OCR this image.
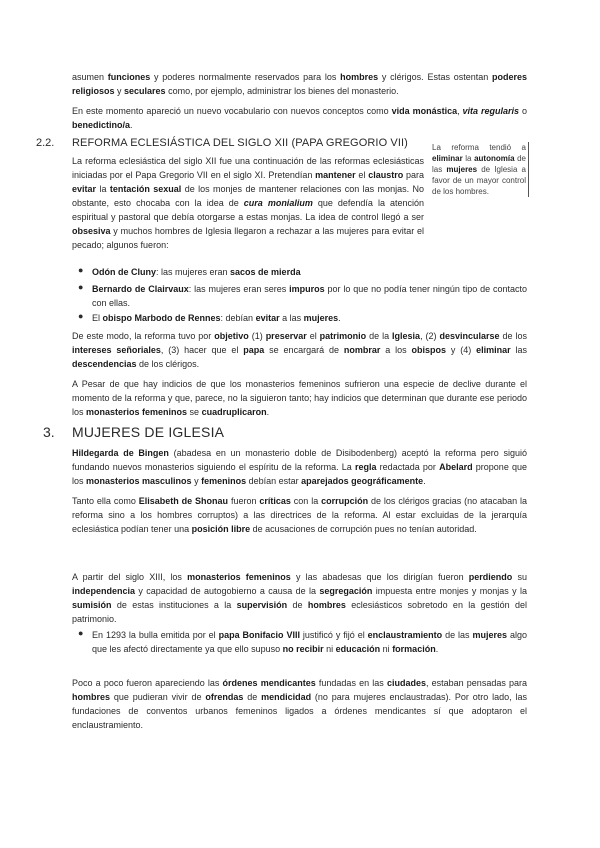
asumen funciones y poderes normalmente reservados para los hombres y clérigos. Estas ostentan poderes religiosos y seculares como, por ejemplo, administrar los bienes del monasterio.

En este momento apareció un nuevo vocabulario con nuevos conceptos como vida monástica, vita regularis o benedictino/a.

2.2. REFORMA ECLESIÁSTICA DEL SIGLO XII (PAPA GREGORIO VII)	La reforma tendió a eliminar la autonomía de las mujeres de Iglesia a favor de un mayor control de los hombres.

La reforma eclesiástica del siglo XII fue una continuación de las reformas eclesiásticas iniciadas por el Papa Gregorio VII en el siglo XI. Pretendían mantener el claustro para evitar la tentación sexual de los monjes de mantener relaciones con las monjas. No obstante, esto chocaba con la idea de cura monialium que defendía la atención espiritual y pastoral que debía otorgarse a estas monjas. La idea de control llegó a ser obsesiva y muchos hombres de Iglesia llegaron a rechazar a las mujeres para evitar el pecado; algunos fueron:

● Odón de Cluny: las mujeres eran sacos de mierda

● Bernardo de Clairvaux: las mujeres eran seres impuros por lo que no podía tener ningún tipo de contacto con ellas.

● El obispo Marbodo de Rennes: debían evitar a las mujeres.

De este modo, la reforma tuvo por objetivo (1) preservar el patrimonio de la Iglesia, (2) desvincularse de los intereses señoriales, (3) hacer que el papa se encargará de nombrar a los obispos y (4) eliminar las descendencias de los clérigos.

A Pesar de que hay indicios de que los monasterios femeninos sufrieron una especie de declive durante el momento de la reforma y que, parece, no la siguieron tanto; hay indicios que determinan que durante ese periodo los monasterios femeninos se cuadruplicaron.

3. MUJERES DE IGLESIA

Hildegarda de Bingen (abadesa en un monasterio doble de Disibodenberg) aceptó la reforma pero siguió fundando nuevos monasterios siguiendo el espíritu de la reforma. La regla redactada por Abelard propone que los monasterios masculinos y femeninos debían estar aparejados geográficamente.

Tanto ella como Elisabeth de Shonau fueron críticas con la corrupción de los clérigos gracias (no atacaban la reforma sino a los hombres corruptos) a las directrices de la reforma. Al estar excluidas de la jerarquía eclesiástica podían tener una posición libre de acusaciones de corrupción pues no tenían autoridad.

A partir del siglo XIII, los monasterios femeninos y las abadesas que los dirigían fueron perdiendo su independencia y capacidad de autogobierno a causa de la segregación impuesta entre monjes y monjas y la sumisión de estas instituciones a la supervisión de hombres eclesiásticos sobretodo en la gestión del patrimonio.

● En 1293 la bulla emitida por el papa Bonifacio VIII justificó y fijó el enclaustramiento de las mujeres algo que les afectó directamente ya que ello supuso no recibir ni educación ni formación.

Poco a poco fueron apareciendo las órdenes mendicantes fundadas en las ciudades, estaban pensadas para hombres que pudieran vivir de ofrendas de mendicidad (no para mujeres enclaustradas). Por otro lado, las fundaciones de conventos urbanos femeninos ligados a órdenes mendicantes sí que adoptaron el enclaustramiento.
